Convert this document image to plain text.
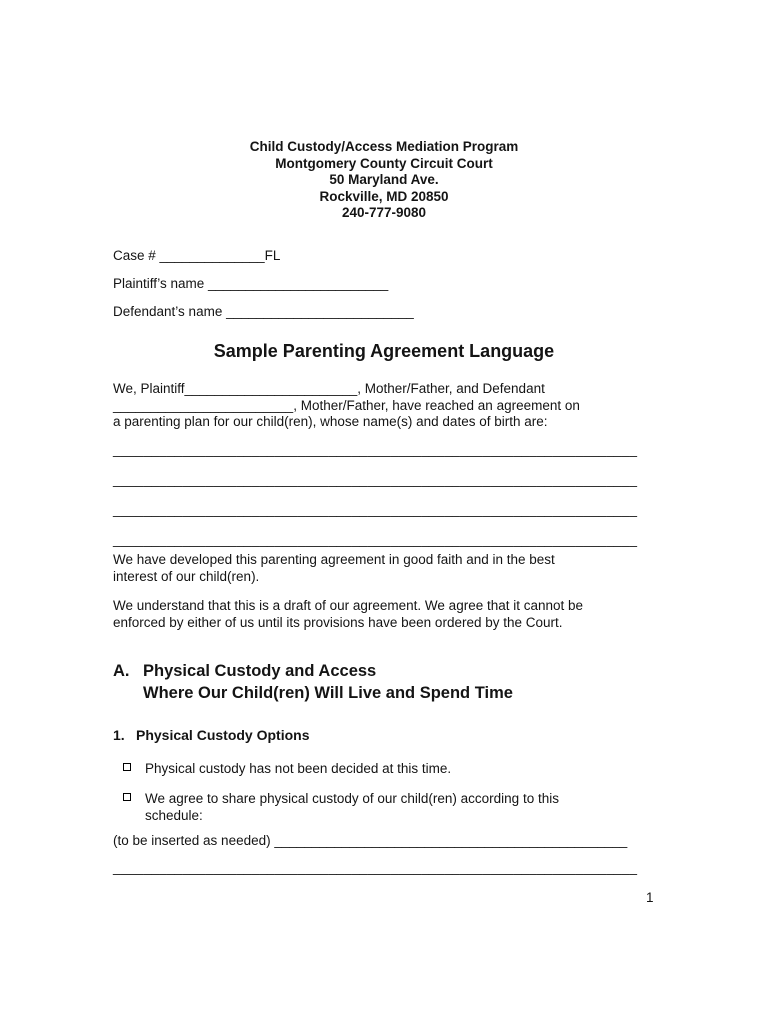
Child Custody/Access Mediation Program
Montgomery County Circuit Court
50 Maryland Ave.
Rockville, MD 20850
240-777-9080
Case # ______________FL
Plaintiff’s name ________________________
Defendant’s name _________________________
Sample Parenting Agreement Language
We, Plaintiff_______________________, Mother/Father, and Defendant
________________________, Mother/Father, have reached an agreement on
a parenting plan for our child(ren), whose name(s) and dates of birth are:
____________________________________________________________________
____________________________________________________________________
____________________________________________________________________
____________________________________________________________________
We have developed this parenting agreement in good faith and in the best
interest of our child(ren).
We understand that this is a draft of our agreement. We agree that it cannot be
enforced by either of us until its provisions have been ordered by the Court.
A. Physical Custody and Access
Where Our Child(ren) Will Live and Spend Time
1. Physical Custody Options
Physical custody has not been decided at this time.
We agree to share physical custody of our child(ren) according to this
schedule:
(to be inserted as needed) _______________________________________________
____________________________________________________________________
1
